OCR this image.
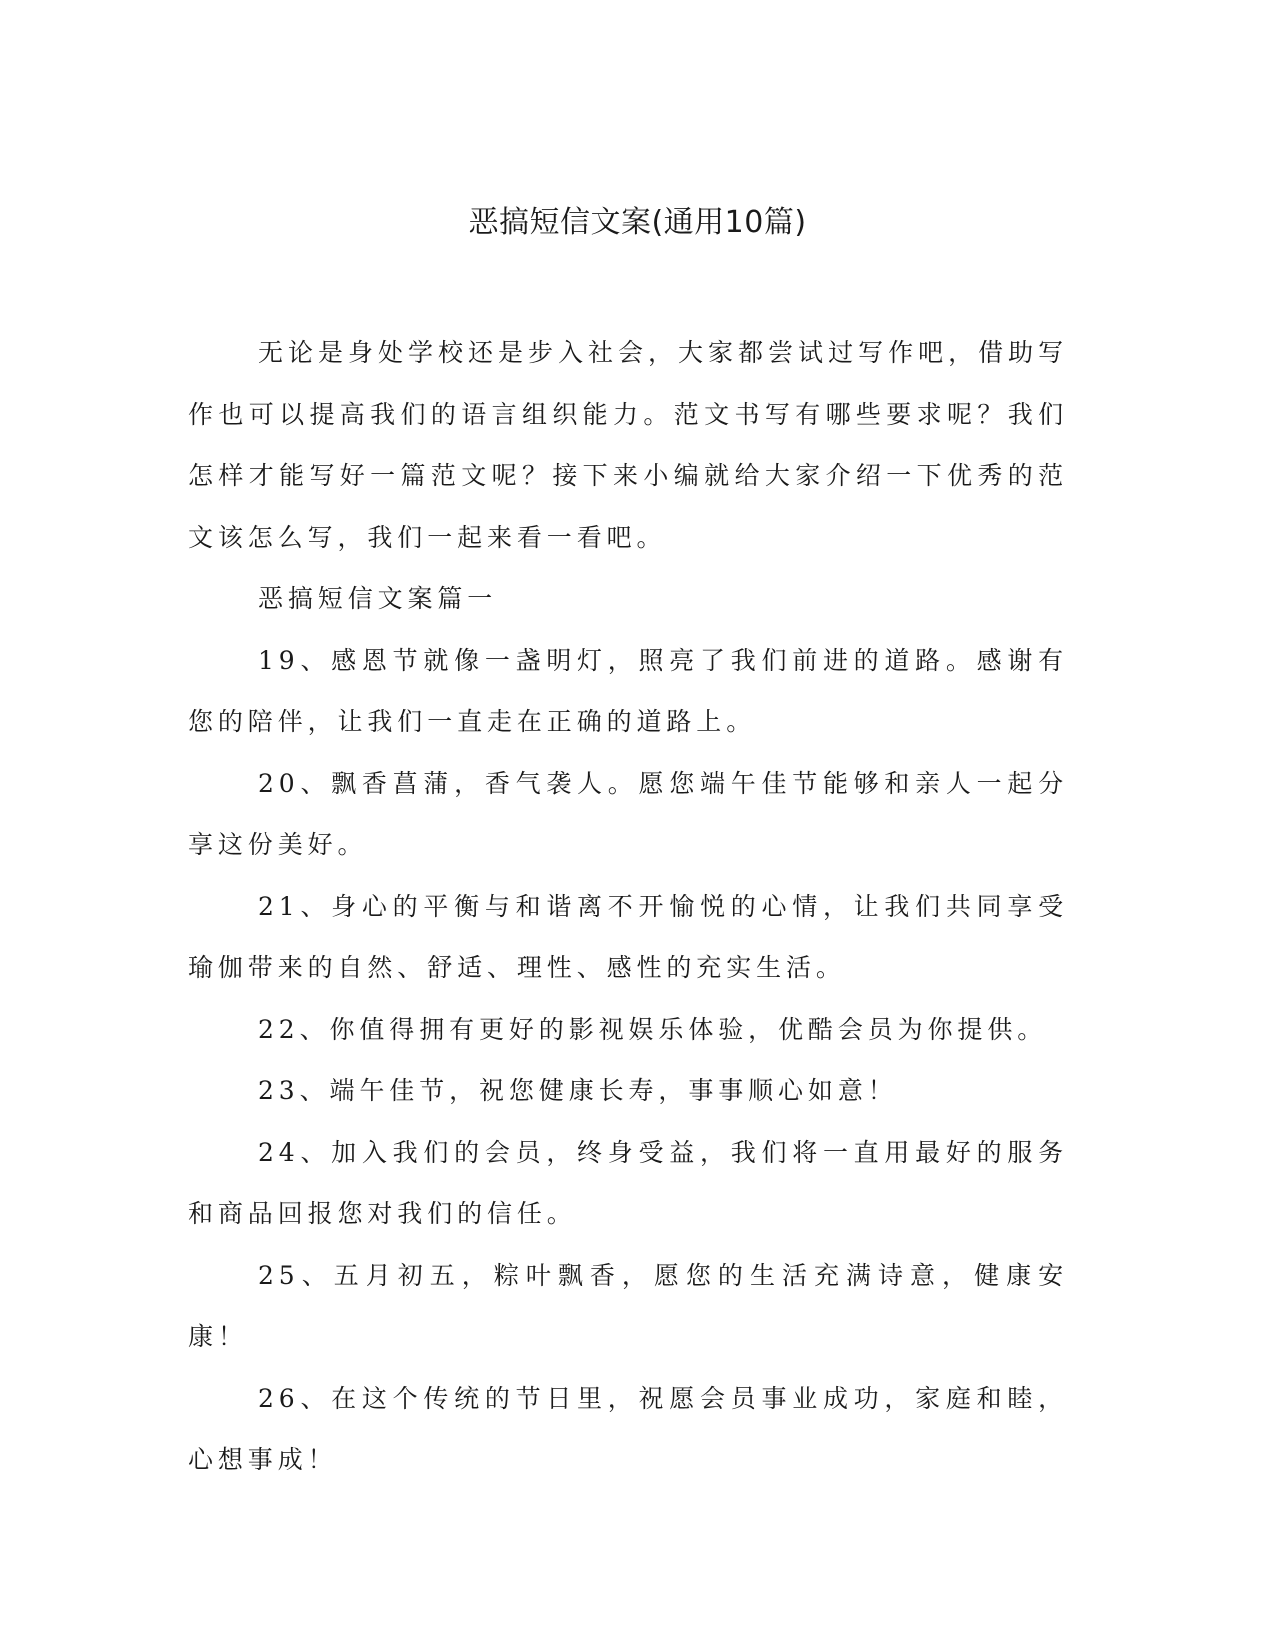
恶搞短信文案(通用10篇)

无论是身处学校还是步入社会，大家都尝试过写作吧，借助写作也可以提高我们的语言组织能力。范文书写有哪些要求呢？我们怎样才能写好一篇范文呢？接下来小编就给大家介绍一下优秀的范文该怎么写，我们一起来看一看吧。

恶搞短信文案篇一

19、感恩节就像一盏明灯，照亮了我们前进的道路。感谢有您的陪伴，让我们一直走在正确的道路上。

20、飘香菖蒲，香气袭人。愿您端午佳节能够和亲人一起分享这份美好。

21、身心的平衡与和谐离不开愉悦的心情，让我们共同享受瑜伽带来的自然、舒适、理性、感性的充实生活。

22、你值得拥有更好的影视娱乐体验，优酷会员为你提供。

23、端午佳节，祝您健康长寿，事事顺心如意！

24、加入我们的会员，终身受益，我们将一直用最好的服务和商品回报您对我们的信任。

25、五月初五，粽叶飘香，愿您的生活充满诗意，健康安康！

26、在这个传统的节日里，祝愿会员事业成功，家庭和睦，心想事成！
